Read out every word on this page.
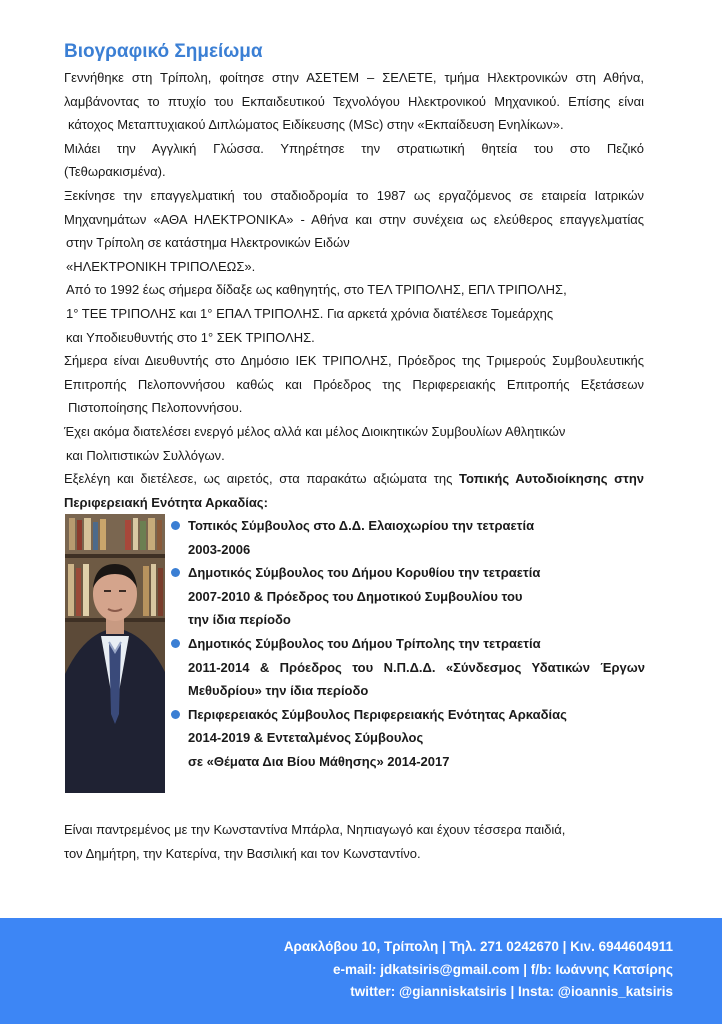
Βιογραφικό Σημείωμα
Γεννήθηκε στη Τρίπολη, φοίτησε στην ΑΣΕΤΕΜ – ΣΕΛΕΤΕ, τμήμα Ηλεκτρονικών στη Αθήνα,
λαμβάνοντας το πτυχίο του Εκπαιδευτικού Τεχνολόγου Ηλεκτρονικού Μηχανικού. Επίσης είναι
κάτοχος Μεταπτυχιακού Διπλώματος Ειδίκευσης (MSc) στην «Εκπαίδευση Ενηλίκων».
Μιλάει την Αγγλική Γλώσσα. Υπηρέτησε την στρατιωτική θητεία του στο Πεζικό
(Τεθωρακισμένα).
Ξεκίνησε την επαγγελματική του σταδιοδρομία το 1987 ως εργαζόμενος σε εταιρεία Ιατρικών
Μηχανημάτων «ΑΘΑ ΗΛΕΚΤΡΟΝΙΚΑ» - Αθήνα και στην συνέχεια ως ελεύθερος επαγγελματίας
στην Τρίπολη σε κατάστημα Ηλεκτρονικών Ειδών
«ΗΛΕΚΤΡΟΝΙΚΗ ΤΡΙΠΟΛΕΩΣ».
Από το 1992 έως σήμερα δίδαξε ως καθηγητής, στο ΤΕΛ ΤΡΙΠΟΛΗΣ, ΕΠΛ ΤΡΙΠΟΛΗΣ,
1° ΤΕΕ ΤΡΙΠΟΛΗΣ και 1° ΕΠΑΛ ΤΡΙΠΟΛΗΣ. Για αρκετά χρόνια διατέλεσε Τομεάρχης
και Υποδιευθυντής στο 1° ΣΕΚ ΤΡΙΠΟΛΗΣ.
Σήμερα είναι Διευθυντής στο Δημόσιο ΙΕΚ ΤΡΙΠΟΛΗΣ, Πρόεδρος της Τριμερούς Συμβουλευτικής
Επιτροπής Πελοποννήσου καθώς και Πρόεδρος της Περιφερειακής Επιτροπής Εξετάσεων
Πιστοποίησης Πελοποννήσου.
Έχει ακόμα διατελέσει ενεργό μέλος αλλά και μέλος Διοικητικών Συμβουλίων Αθλητικών
και Πολιτιστικών Συλλόγων.
Εξελέγη και διετέλεσε, ως αιρετός, στα παρακάτω αξιώματα της Τοπικής Αυτοδιοίκησης στην
Περιφερειακή Ενότητα Αρκαδίας:
Τοπικός Σύμβουλος στο Δ.Δ. Ελαιοχωρίου την τετραετία
2003-2006
Δημοτικός Σύμβουλος του Δήμου Κορυθίου την τετραετία
2007-2010 & Πρόεδρος του Δημοτικού Συμβουλίου του
την ίδια περίοδο
Δημοτικός Σύμβουλος του Δήμου Τρίπολης την τετραετία
2011-2014 & Πρόεδρος του Ν.Π.Δ.Δ. «Σύνδεσμος Υδατικών Έργων
Μεθυδρίου» την ίδια περίοδο
Περιφερειακός Σύμβουλος Περιφερειακής Ενότητας Αρκαδίας
2014-2019 & Εντεταλμένος Σύμβουλος
σε «Θέματα Δια Βίου Μάθησης» 2014-2017
Είναι παντρεμένος με την Κωνσταντίνα Μπάρλα, Νηπιαγωγό και έχουν τέσσερα παιδιά,
τον Δημήτρη, την Κατερίνα, την Βασιλική και τον Κωνσταντίνο.
Αρακλόβου 10, Τρίπολη | Τηλ. 271 0242670 | Κιν. 6944604911
e-mail: jdkatsiris@gmail.com | f/b: Ιωάννης Κατσίρης
twitter: @gianniskatsiris | Insta: @ioannis_katsiris
